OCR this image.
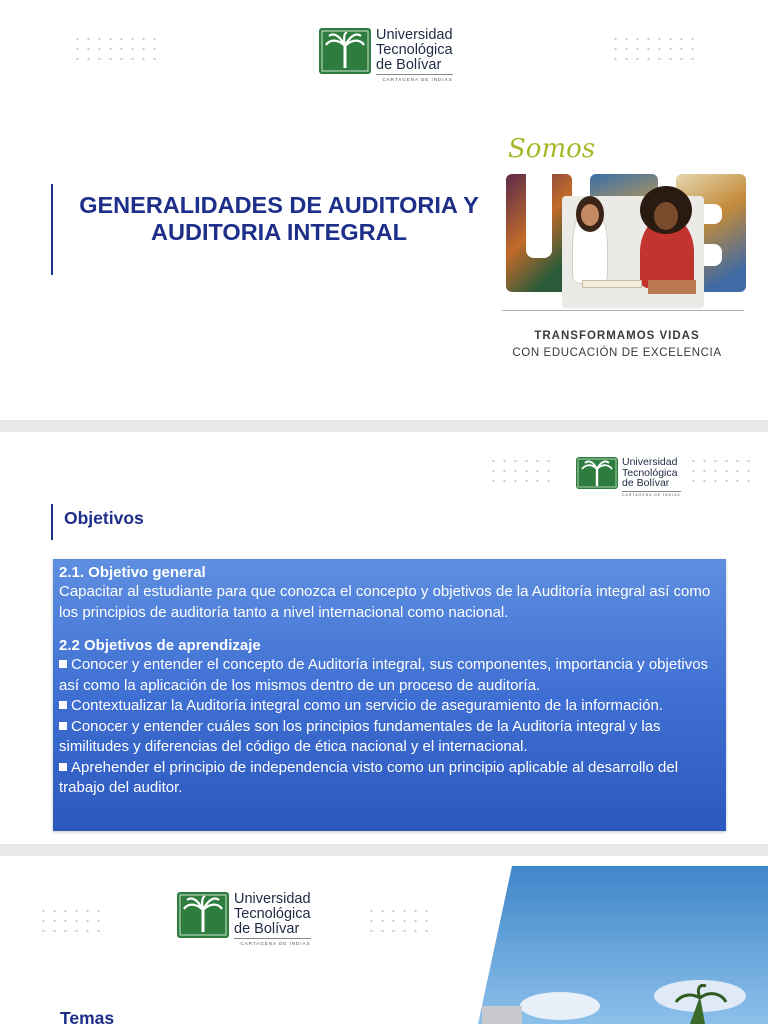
Universidad
Tecnológica
de Bolívar
CARTAGENA DE INDIAS
GENERALIDADES DE AUDITORIA Y AUDITORIA INTEGRAL
Somos
TRANSFORMAMOS VIDAS
CON EDUCACIÓN DE EXCELENCIA
Universidad
Tecnológica
de Bolívar
CARTAGENA DE INDIAS
Objetivos
2.1. Objetivo general
Capacitar al estudiante para que conozca el concepto y objetivos de la Auditoría integral así como los principios de auditoría tanto a nivel internacional como nacional.
2.2 Objetivos de aprendizaje
Conocer y entender el concepto de Auditoría integral, sus componentes, importancia y objetivos así como la aplicación de los mismos dentro de un proceso de auditoría.
Contextualizar la Auditoría integral como un servicio de aseguramiento de la información.
Conocer y entender cuáles son los principios fundamentales de la Auditoría integral y las similitudes y diferencias del código de ética nacional y el internacional.
Aprehender el principio de independencia visto como un principio aplicable al desarrollo del trabajo del auditor.
Universidad
Tecnológica
de Bolívar
CARTAGENA DE INDIAS
Temas
